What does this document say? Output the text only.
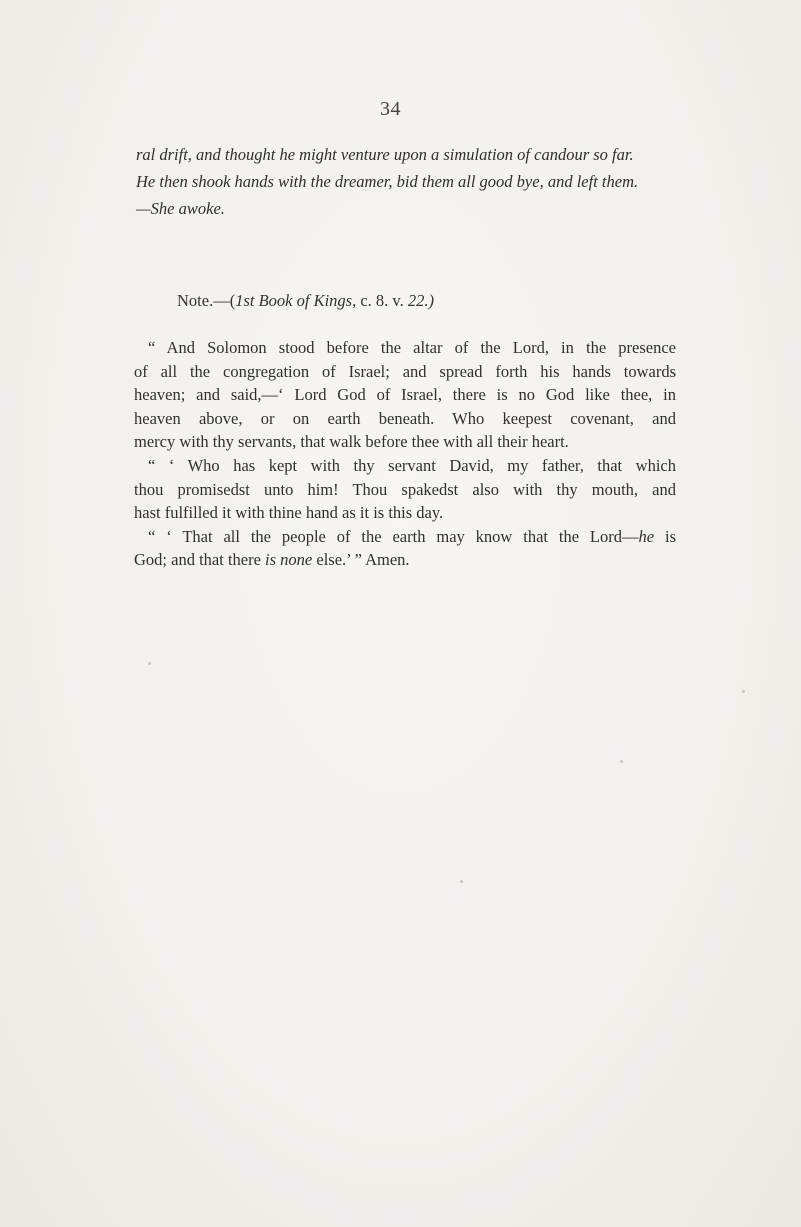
34
ral drift, and thought he might venture upon a simulation of candour so far.
He then shook hands with the dreamer, bid them all good bye, and left them.
—She awoke.
Note.—(1st Book of Kings, c. 8. v. 22.)
“ And Solomon stood before the altar of the Lord, in the presence
of all the congregation of Israel; and spread forth his hands towards
heaven; and said,—‘ Lord God of Israel, there is no God like thee, in
heaven above, or on earth beneath. Who keepest covenant, and
mercy with thy servants, that walk before thee with all their heart.
“ ‘ Who has kept with thy servant David, my father, that which
thou promisedst unto him! Thou spakedst also with thy mouth, and
hast fulfilled it with thine hand as it is this day.
“ ‘ That all the people of the earth may know that the Lord—he is
God; and that there is none else.’ ” Amen.
